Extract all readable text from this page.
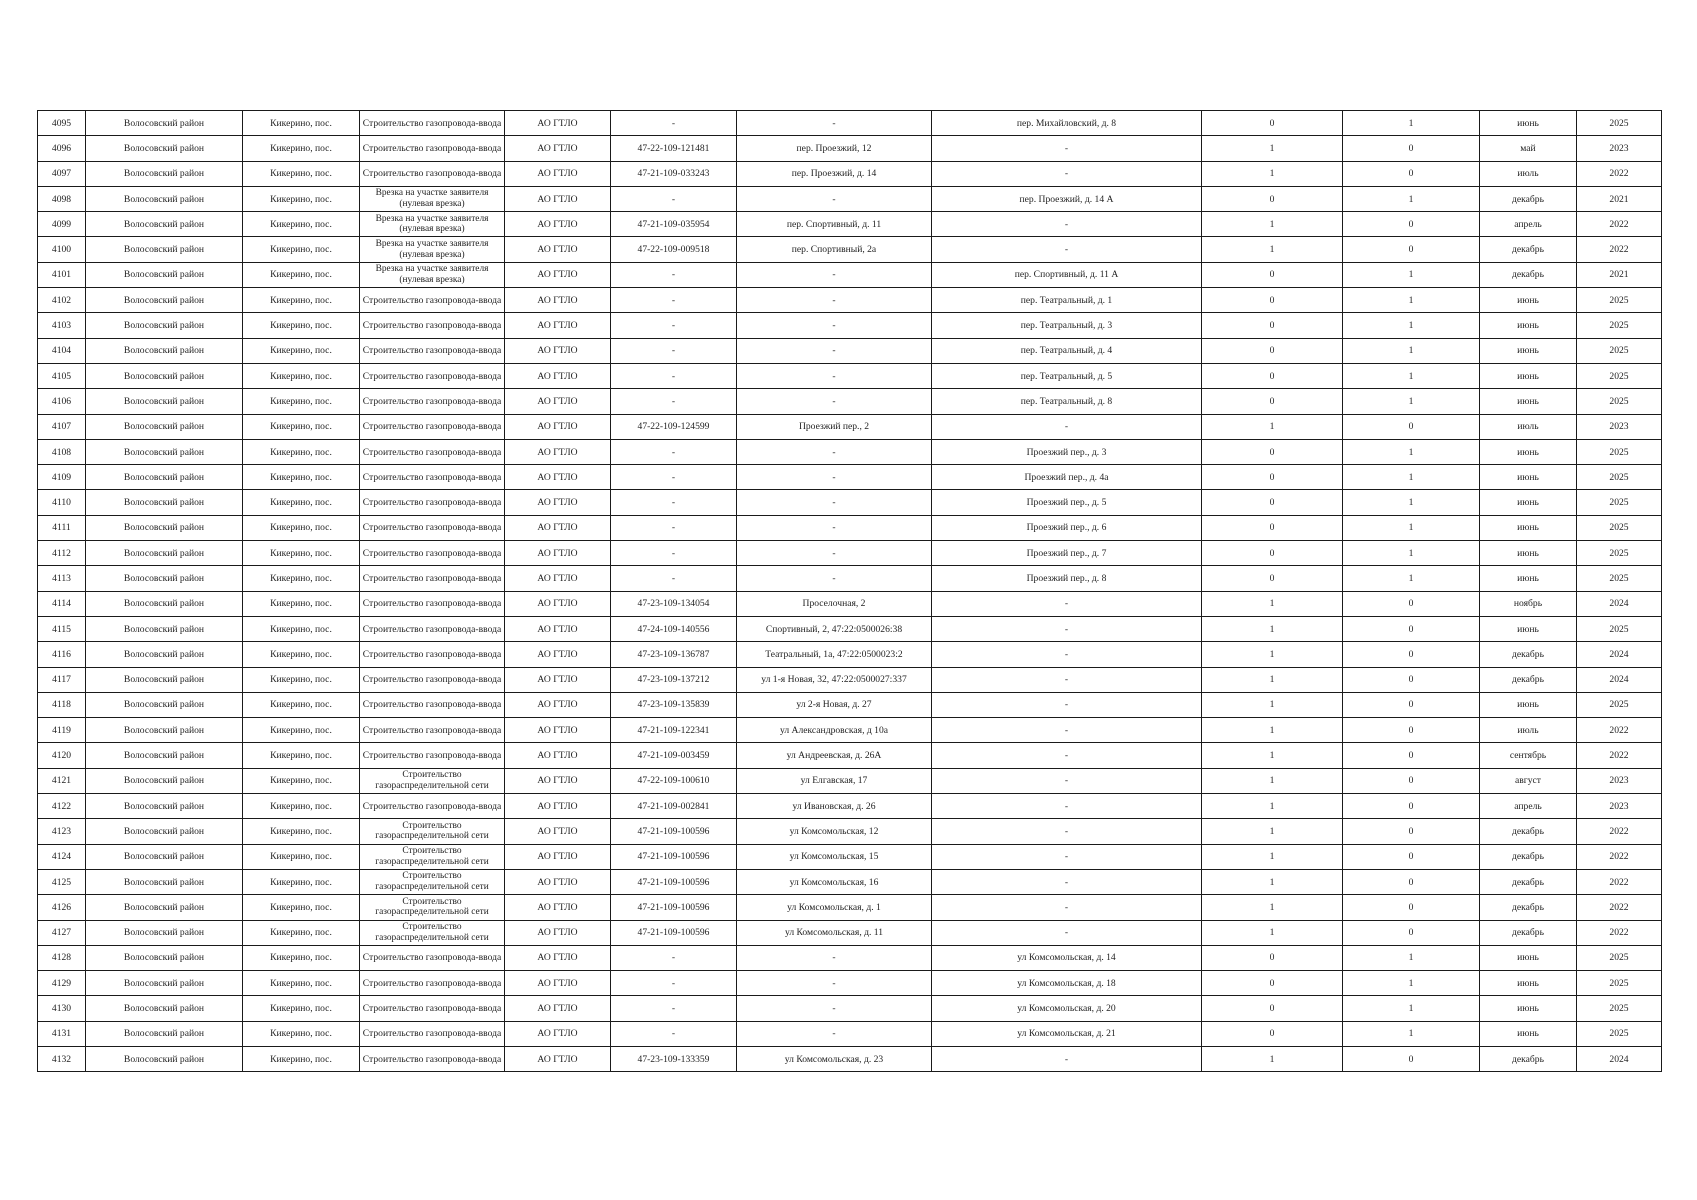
4095	Волосовский район	Кикерино, пос.	Строительство газопровода-ввода	АО ГТЛО	-	-	пер. Михайловский, д. 8	0	1	июнь	2025
4096	Волосовский район	Кикерино, пос.	Строительство газопровода-ввода	АО ГТЛО	47-22-109-121481	пер. Проезжий, 12	-	1	0	май	2023
4097	Волосовский район	Кикерино, пос.	Строительство газопровода-ввода	АО ГТЛО	47-21-109-033243	пер. Проезжий, д. 14	-	1	0	июль	2022
4098	Волосовский район	Кикерино, пос.	Врезка на участке заявителя (нулевая врезка)	АО ГТЛО	-	-	пер. Проезжий, д. 14 А	0	1	декабрь	2021
4099	Волосовский район	Кикерино, пос.	Врезка на участке заявителя (нулевая врезка)	АО ГТЛО	47-21-109-035954	пер. Спортивный, д. 11	-	1	0	апрель	2022
4100	Волосовский район	Кикерино, пос.	Врезка на участке заявителя (нулевая врезка)	АО ГТЛО	47-22-109-009518	пер. Спортивный, 2а	-	1	0	декабрь	2022
4101	Волосовский район	Кикерино, пос.	Врезка на участке заявителя (нулевая врезка)	АО ГТЛО	-	-	пер. Спортивный, д. 11 А	0	1	декабрь	2021
4102	Волосовский район	Кикерино, пос.	Строительство газопровода-ввода	АО ГТЛО	-	-	пер. Театральный, д. 1	0	1	июнь	2025
4103	Волосовский район	Кикерино, пос.	Строительство газопровода-ввода	АО ГТЛО	-	-	пер. Театральный, д. 3	0	1	июнь	2025
4104	Волосовский район	Кикерино, пос.	Строительство газопровода-ввода	АО ГТЛО	-	-	пер. Театральный, д. 4	0	1	июнь	2025
4105	Волосовский район	Кикерино, пос.	Строительство газопровода-ввода	АО ГТЛО	-	-	пер. Театральный, д. 5	0	1	июнь	2025
4106	Волосовский район	Кикерино, пос.	Строительство газопровода-ввода	АО ГТЛО	-	-	пер. Театральный, д. 8	0	1	июнь	2025
4107	Волосовский район	Кикерино, пос.	Строительство газопровода-ввода	АО ГТЛО	47-22-109-124599	Проезжий пер., 2	-	1	0	июль	2023
4108	Волосовский район	Кикерино, пос.	Строительство газопровода-ввода	АО ГТЛО	-	-	Проезжий пер., д. 3	0	1	июнь	2025
4109	Волосовский район	Кикерино, пос.	Строительство газопровода-ввода	АО ГТЛО	-	-	Проезжий пер., д. 4а	0	1	июнь	2025
4110	Волосовский район	Кикерино, пос.	Строительство газопровода-ввода	АО ГТЛО	-	-	Проезжий пер., д. 5	0	1	июнь	2025
4111	Волосовский район	Кикерино, пос.	Строительство газопровода-ввода	АО ГТЛО	-	-	Проезжий пер., д. 6	0	1	июнь	2025
4112	Волосовский район	Кикерино, пос.	Строительство газопровода-ввода	АО ГТЛО	-	-	Проезжий пер., д. 7	0	1	июнь	2025
4113	Волосовский район	Кикерино, пос.	Строительство газопровода-ввода	АО ГТЛО	-	-	Проезжий пер., д. 8	0	1	июнь	2025
4114	Волосовский район	Кикерино, пос.	Строительство газопровода-ввода	АО ГТЛО	47-23-109-134054	Проселочная, 2	-	1	0	ноябрь	2024
4115	Волосовский район	Кикерино, пос.	Строительство газопровода-ввода	АО ГТЛО	47-24-109-140556	Спортивный, 2, 47:22:0500026:38	-	1	0	июнь	2025
4116	Волосовский район	Кикерино, пос.	Строительство газопровода-ввода	АО ГТЛО	47-23-109-136787	Театральный, 1а, 47:22:0500023:2	-	1	0	декабрь	2024
4117	Волосовский район	Кикерино, пос.	Строительство газопровода-ввода	АО ГТЛО	47-23-109-137212	ул 1-я Новая, 32, 47:22:0500027:337	-	1	0	декабрь	2024
4118	Волосовский район	Кикерино, пос.	Строительство газопровода-ввода	АО ГТЛО	47-23-109-135839	ул 2-я Новая, д. 27	-	1	0	июнь	2025
4119	Волосовский район	Кикерино, пос.	Строительство газопровода-ввода	АО ГТЛО	47-21-109-122341	ул Александровская, д 10а	-	1	0	июль	2022
4120	Волосовский район	Кикерино, пос.	Строительство газопровода-ввода	АО ГТЛО	47-21-109-003459	ул Андреевская, д. 26А	-	1	0	сентябрь	2022
4121	Волосовский район	Кикерино, пос.	Строительство газораспределительной сети	АО ГТЛО	47-22-109-100610	ул Елгавская, 17	-	1	0	август	2023
4122	Волосовский район	Кикерино, пос.	Строительство газопровода-ввода	АО ГТЛО	47-21-109-002841	ул Ивановская, д. 26	-	1	0	апрель	2023
4123	Волосовский район	Кикерино, пос.	Строительство газораспределительной сети	АО ГТЛО	47-21-109-100596	ул Комсомольская, 12	-	1	0	декабрь	2022
4124	Волосовский район	Кикерино, пос.	Строительство газораспределительной сети	АО ГТЛО	47-21-109-100596	ул Комсомольская, 15	-	1	0	декабрь	2022
4125	Волосовский район	Кикерино, пос.	Строительство газораспределительной сети	АО ГТЛО	47-21-109-100596	ул Комсомольская, 16	-	1	0	декабрь	2022
4126	Волосовский район	Кикерино, пос.	Строительство газораспределительной сети	АО ГТЛО	47-21-109-100596	ул Комсомольская, д. 1	-	1	0	декабрь	2022
4127	Волосовский район	Кикерино, пос.	Строительство газораспределительной сети	АО ГТЛО	47-21-109-100596	ул Комсомольская, д. 11	-	1	0	декабрь	2022
4128	Волосовский район	Кикерино, пос.	Строительство газопровода-ввода	АО ГТЛО	-	-	ул Комсомольская, д. 14	0	1	июнь	2025
4129	Волосовский район	Кикерино, пос.	Строительство газопровода-ввода	АО ГТЛО	-	-	ул Комсомольская, д. 18	0	1	июнь	2025
4130	Волосовский район	Кикерино, пос.	Строительство газопровода-ввода	АО ГТЛО	-	-	ул Комсомольская, д. 20	0	1	июнь	2025
4131	Волосовский район	Кикерино, пос.	Строительство газопровода-ввода	АО ГТЛО	-	-	ул Комсомольская, д. 21	0	1	июнь	2025
4132	Волосовский район	Кикерино, пос.	Строительство газопровода-ввода	АО ГТЛО	47-23-109-133359	ул Комсомольская, д. 23	-	1	0	декабрь	2024
